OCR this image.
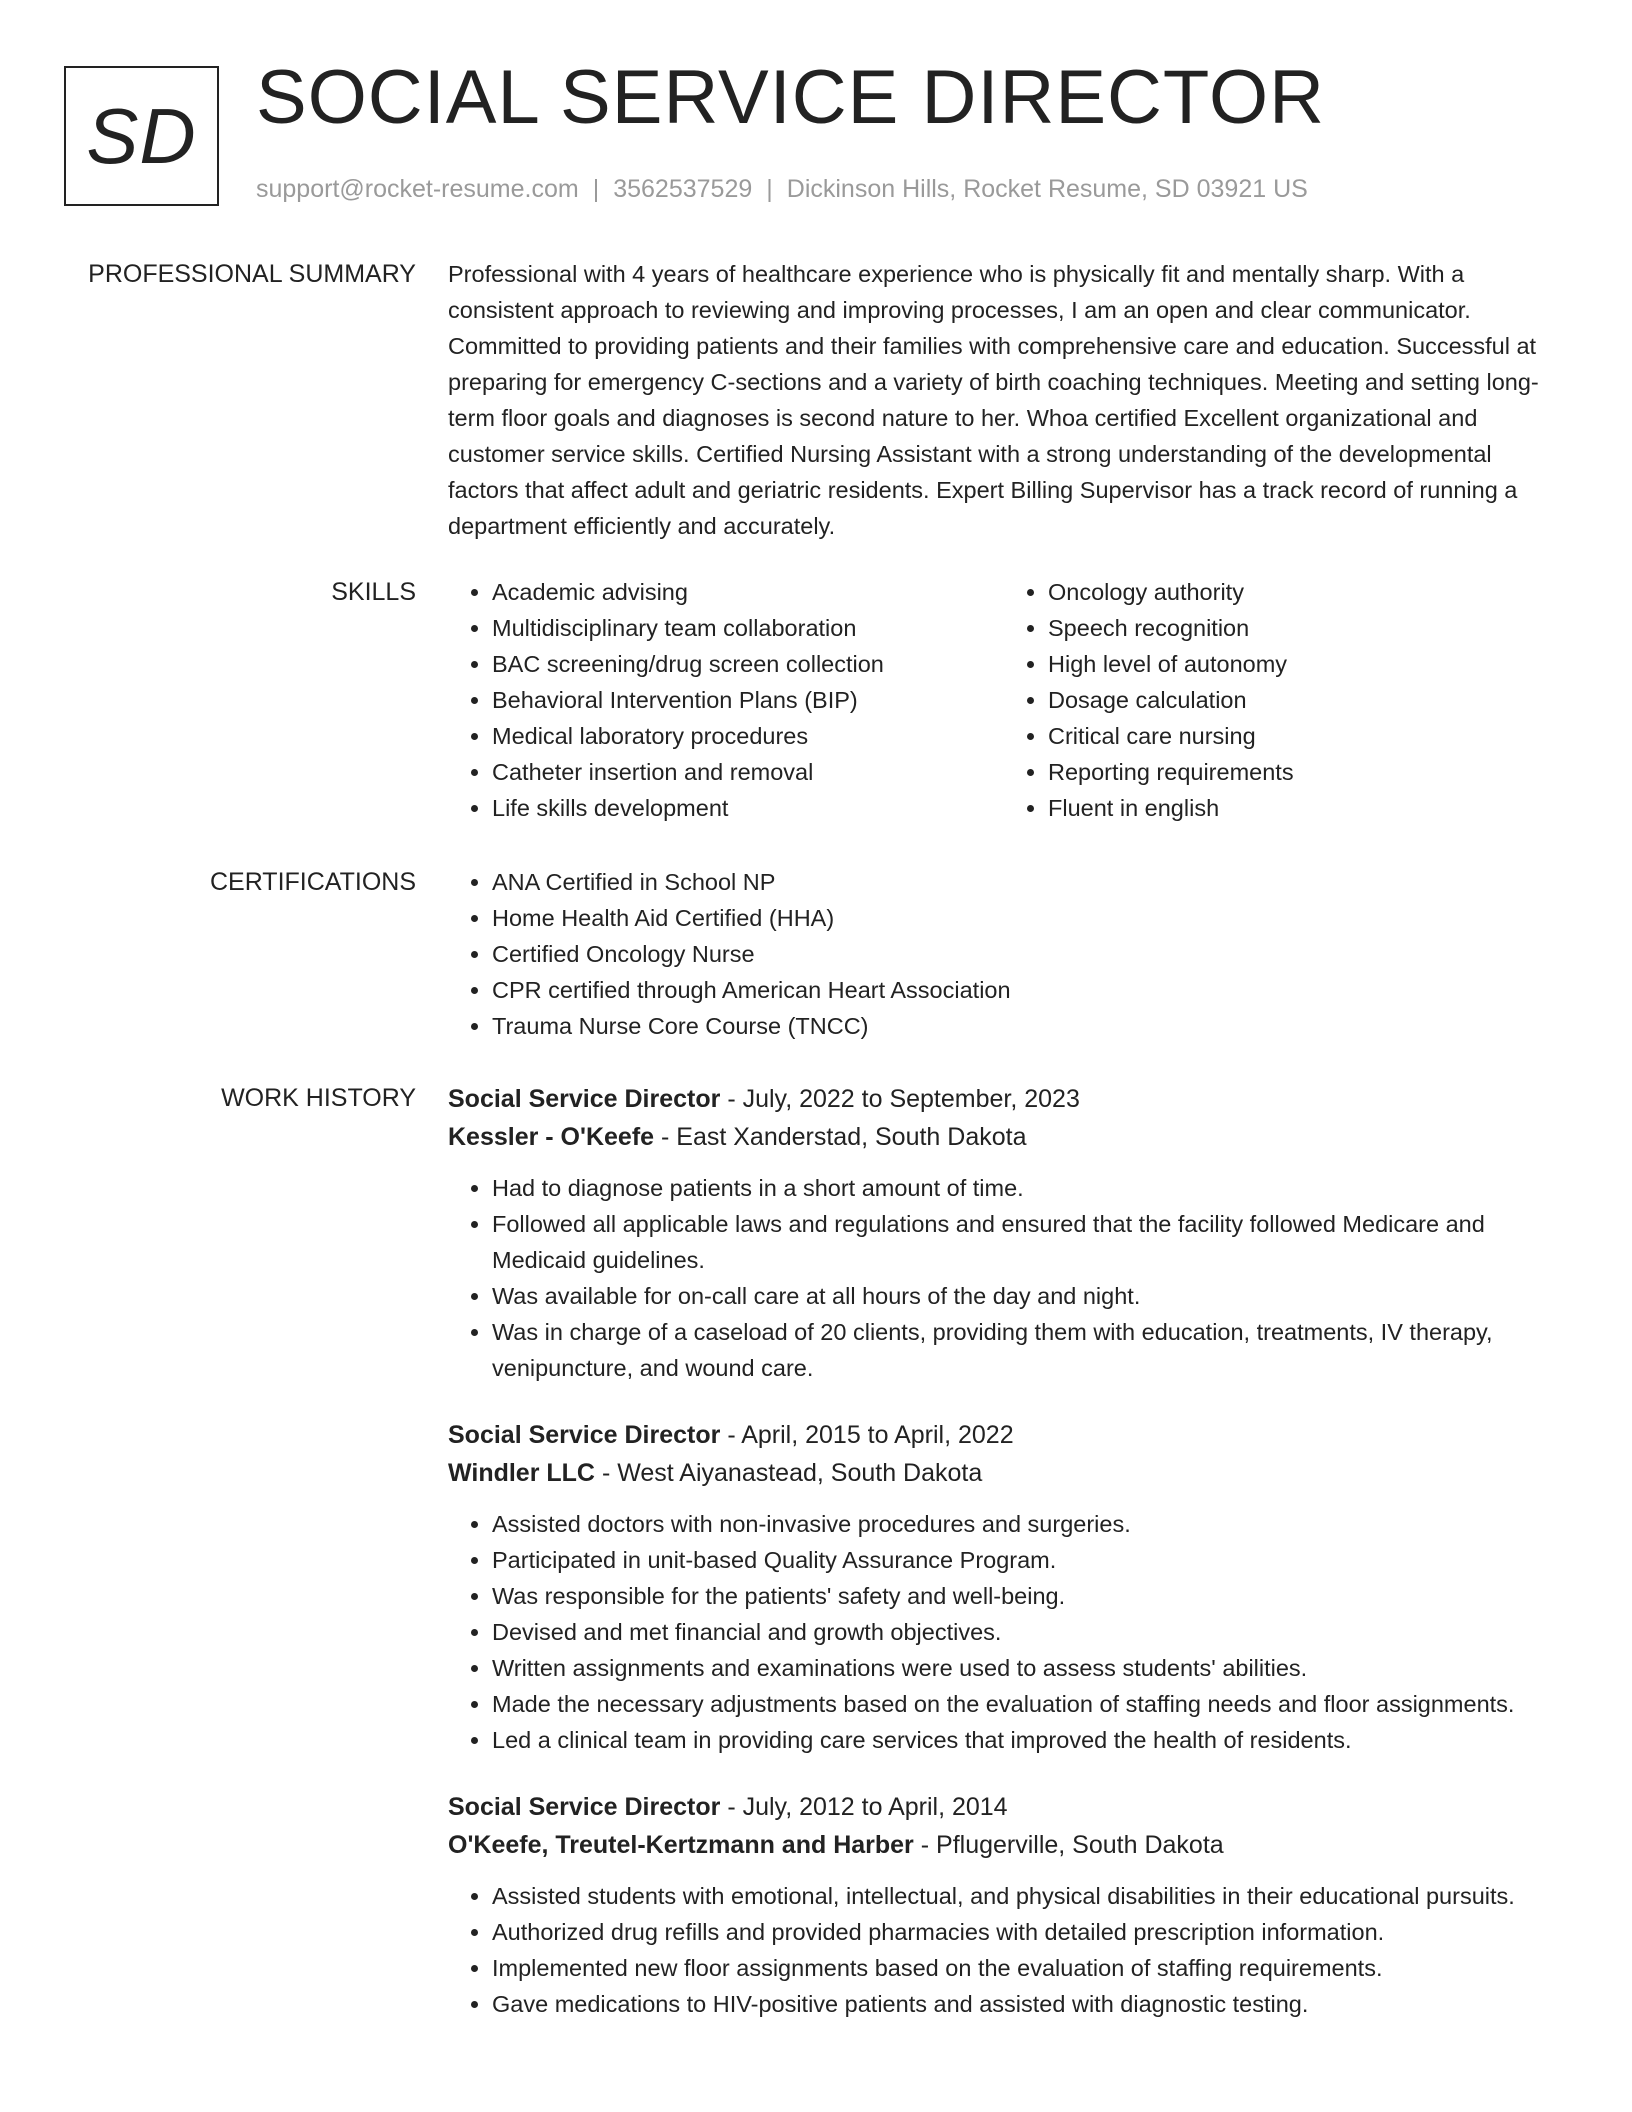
SD SOCIAL SERVICE DIRECTOR
support@rocket-resume.com | 3562537529 | Dickinson Hills, Rocket Resume, SD 03921 US
PROFESSIONAL SUMMARY Professional with 4 years of healthcare experience who is physically fit and mentally sharp. With a consistent approach to reviewing and improving processes, I am an open and clear communicator. Committed to providing patients and their families with comprehensive care and education. Successful at preparing for emergency C-sections and a variety of birth coaching techniques. Meeting and setting long-term floor goals and diagnoses is second nature to her. Whoa certified Excellent organizational and customer service skills. Certified Nursing Assistant with a strong understanding of the developmental factors that affect adult and geriatric residents. Expert Billing Supervisor has a track record of running a department efficiently and accurately.

SKILLS	• Academic advising
• Multidisciplinary team collaboration
• BAC screening/drug screen collection
• Behavioral Intervention Plans (BIP)
• Medical laboratory procedures
• Catheter insertion and removal
• Life skills development
• Oncology authority
• Speech recognition
• High level of autonomy
• Dosage calculation
• Critical care nursing
• Reporting requirements
• Fluent in english
CERTIFICATIONS	• ANA Certified in School NP
• Home Health Aid Certified (HHA)
• Certified Oncology Nurse
• CPR certified through American Heart Association
• Trauma Nurse Core Course (TNCC)
WORK HISTORY Social Service Director - July, 2022 to September, 2023
Kessler - O'Keefe - East Xanderstad, South Dakota
• Had to diagnose patients in a short amount of time.
• Followed all applicable laws and regulations and ensured that the facility followed Medicare and Medicaid guidelines.
• Was available for on-call care at all hours of the day and night.
• Was in charge of a caseload of 20 clients, providing them with education, treatments, IV therapy, venipuncture, and wound care.
Social Service Director - April, 2015 to April, 2022
Windler LLC - West Aiyanastead, South Dakota
• Assisted doctors with non-invasive procedures and surgeries.
• Participated in unit-based Quality Assurance Program.
• Was responsible for the patients' safety and well-being.
• Devised and met financial and growth objectives.
• Written assignments and examinations were used to assess students' abilities.
• Made the necessary adjustments based on the evaluation of staffing needs and floor assignments.
• Led a clinical team in providing care services that improved the health of residents.
Social Service Director - July, 2012 to April, 2014
O'Keefe, Treutel-Kertzmann and Harber - Pflugerville, South Dakota
• Assisted students with emotional, intellectual, and physical disabilities in their educational pursuits.
• Authorized drug refills and provided pharmacies with detailed prescription information.
• Implemented new floor assignments based on the evaluation of staffing requirements.
• Gave medications to HIV-positive patients and assisted with diagnostic testing.
